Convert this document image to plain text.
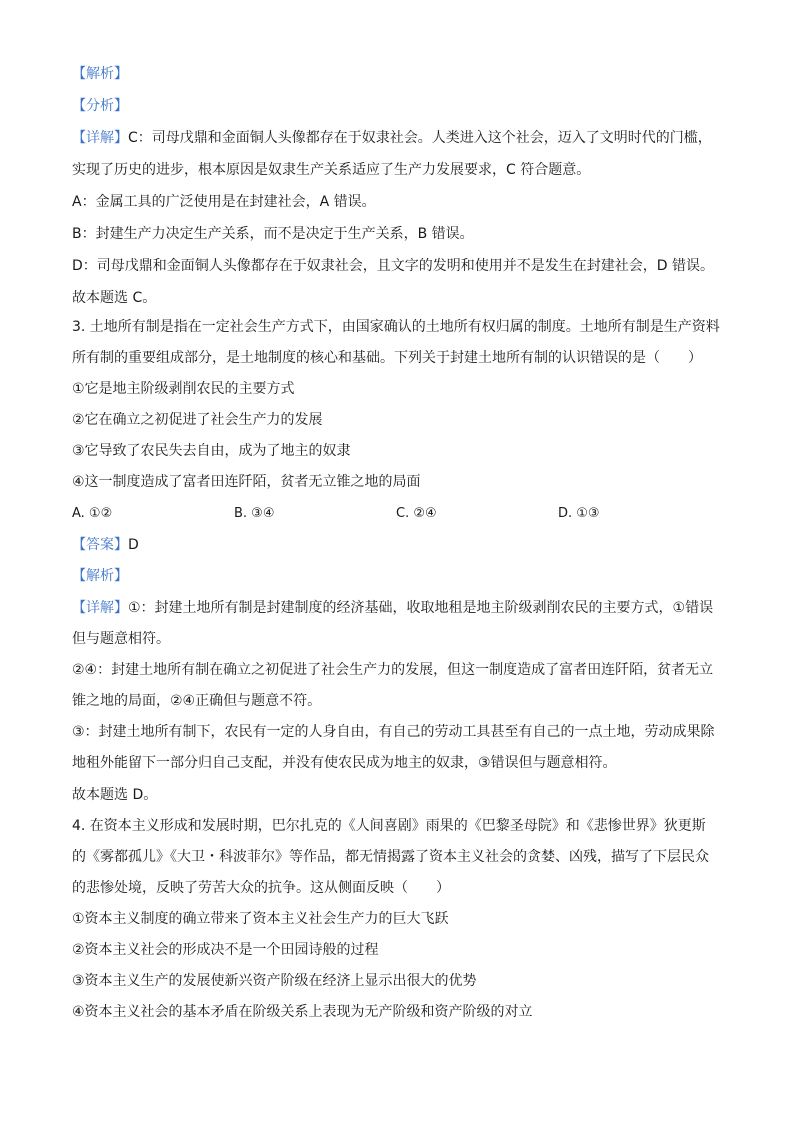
【解析】
【分析】
【详解】C：司母戊鼎和金面铜人头像都存在于奴隶社会。人类进入这个社会，迈入了文明时代的门槛，
实现了历史的进步，根本原因是奴隶生产关系适应了生产力发展要求，C 符合题意。
A：金属工具的广泛使用是在封建社会，A 错误。
B：封建生产力决定生产关系，而不是决定于生产关系，B 错误。
D：司母戊鼎和金面铜人头像都存在于奴隶社会，且文字的发明和使用并不是发生在封建社会，D 错误。
故本题选 C。
3. 土地所有制是指在一定社会生产方式下，由国家确认的土地所有权归属的制度。土地所有制是生产资料
所有制的重要组成部分，是土地制度的核心和基础。下列关于封建土地所有制的认识错误的是（　　）
①它是地主阶级剥削农民的主要方式
②它在确立之初促进了社会生产力的发展
③它导致了农民失去自由，成为了地主的奴隶
④这一制度造成了富者田连阡陌，贫者无立锥之地的局面
A. ①②	B. ③④	C. ②④	D. ①③
【答案】D
【解析】
【详解】①：封建土地所有制是封建制度的经济基础，收取地租是地主阶级剥削农民的主要方式，①错误
但与题意相符。
②④：封建土地所有制在确立之初促进了社会生产力的发展，但这一制度造成了富者田连阡陌，贫者无立
锥之地的局面，②④正确但与题意不符。
③：封建土地所有制下，农民有一定的人身自由，有自己的劳动工具甚至有自己的一点土地，劳动成果除
地租外能留下一部分归自己支配，并没有使农民成为地主的奴隶，③错误但与题意相符。
故本题选 D。
4. 在资本主义形成和发展时期，巴尔扎克的《人间喜剧》雨果的《巴黎圣母院》和《悲惨世界》狄更斯
的《雾都孤儿》《大卫・科波菲尔》等作品，都无情揭露了资本主义社会的贪婪、凶残，描写了下层民众
的悲惨处境，反映了劳苦大众的抗争。这从侧面反映（　　）
①资本主义制度的确立带来了资本主义社会生产力的巨大飞跃
②资本主义社会的形成决不是一个田园诗般的过程
③资本主义生产的发展使新兴资产阶级在经济上显示出很大的优势
④资本主义社会的基本矛盾在阶级关系上表现为无产阶级和资产阶级的对立
